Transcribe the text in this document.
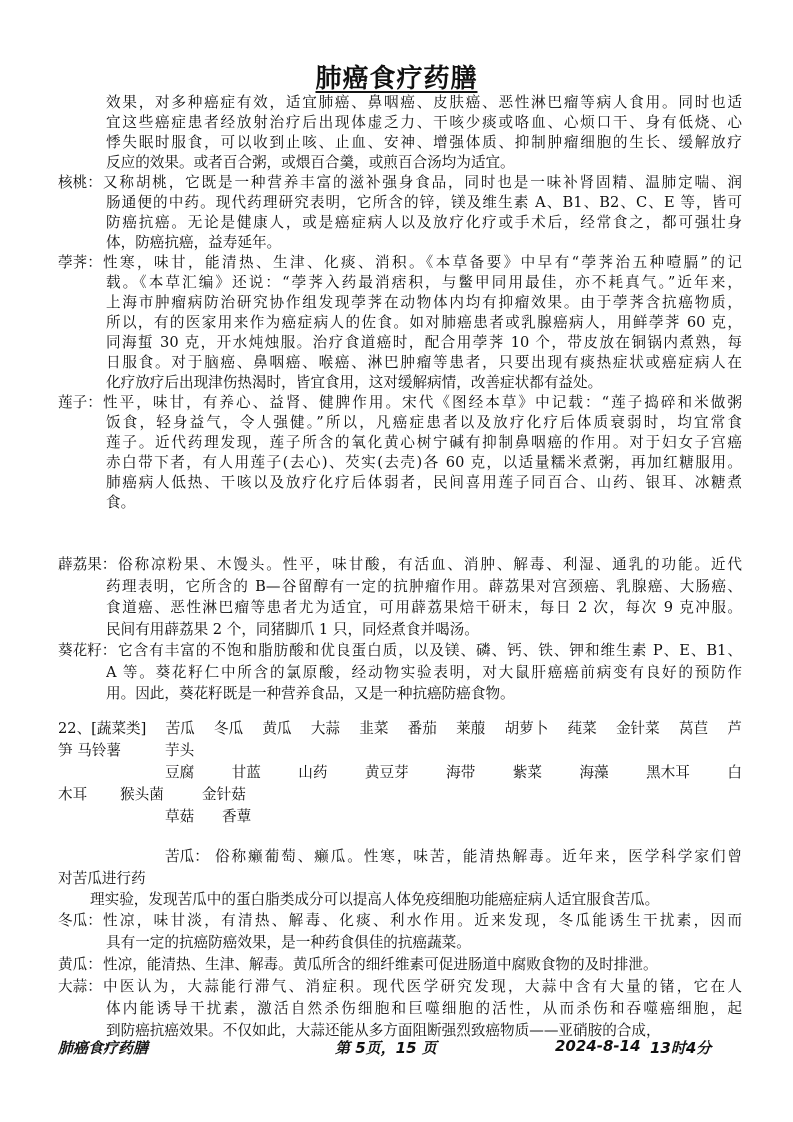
肺癌食疗药膳
效果，对多种癌症有效，适宜肺癌、鼻咽癌、皮肤癌、恶性淋巴瘤等病人食用。同时也适
宜这些癌症患者经放射治疗后出现体虚乏力、干咳少痰或咯血、心烦口干、身有低烧、心
悸失眠时服食，可以收到止咳、止血、安神、增强体质、抑制肿瘤细胞的生长、缓解放疗
反应的效果。或者百合粥，或煨百合羹，或煎百合汤均为适宜。
核桃： 又称胡桃，它既是一种营养丰富的滋补强身食品，同时也是一味补肾固精、温肺定喘、润
肠通便的中药。现代药理研究表明，它所含的锌，镁及维生素 A、B1、B2、C、E 等，皆可
防癌抗癌。无论是健康人，或是癌症病人以及放疗化疗或手术后，经常食之，都可强壮身
体，防癌抗癌，益寿延年。
荸荠： 性寒，味甘，能清热、生津、化痰、消积。《本草备要》中早有“荸荠治五种噎膈”的记
载。《本草汇编》还说：“荸荠入药最消痞积，与鳖甲同用最佳，亦不耗真气。”近年来，
上海市肿瘤病防治研究协作组发现荸荠在动物体内均有抑瘤效果。由于荸荠含抗癌物质，
所以，有的医家用来作为癌症病人的佐食。如对肺癌患者或乳腺癌病人，用鲜荸荠 60 克，
同海蜇 30 克，开水炖烛服。治疗食道癌时，配合用荸荠 10 个，带皮放在铜锅内煮熟，每
日服食。对于脑癌、鼻咽癌、喉癌、淋巴肿瘤等患者，只要出现有痰热症状或癌症病人在
化疗放疗后出现津伤热渴时，皆宜食用，这对缓解病情，改善症状都有益处。
莲子： 性平，味甘，有养心、益肾、健脾作用。宋代《图经本草》中记载：“莲子捣碎和米做粥
饭食，轻身益气，令人强健。”所以，凡癌症患者以及放疗化疗后体质衰弱时，均宜常食
莲子。近代药理发现，莲子所含的氧化黄心树宁碱有抑制鼻咽癌的作用。对于妇女子宫癌
赤白带下者，有人用莲子(去心)、芡实(去壳)各 60 克，以适量糯米煮粥，再加红糖服用。
肺癌病人低热、干咳以及放疗化疗后体弱者，民间喜用莲子同百合、山药、银耳、冰糖煮
食。
薜荔果： 俗称凉粉果、木馒头。性平，味甘酸，有活血、消肿、解毒、利湿、通乳的功能。近代
药理表明，它所含的 B—谷留醇有一定的抗肿瘤作用。薜荔果对宫颈癌、乳腺癌、大肠癌、
食道癌、恶性淋巴瘤等患者尤为适宜，可用薜荔果焙干研末，每日 2 次，每次 9 克冲服。
民间有用薜荔果 2 个，同猪脚爪 1 只，同烃煮食并喝汤。
葵花籽： 它含有丰富的不饱和脂肪酸和优良蛋白质，以及镁、磷、钙、铁、钾和维生素 P、E、B1、
A 等。葵花籽仁中所含的氯原酸，经动物实验表明，对大鼠肝癌癌前病变有良好的预防作
用。因此，葵花籽既是一种营养食品，又是一种抗癌防癌食物。
22、[蔬菜类] 苦瓜 冬瓜 黄瓜 大蒜 韭菜 番茄 莱菔 胡萝卜 莼菜 金针菜 莴苣 芦
笋 马铃薯	芋头
豆腐	甘蓝	山药	黄豆芽	海带	紫菜	海藻	黑木耳	白
木耳 猴头菌	金针菇
草菇 香蕈
苦瓜： 俗称癞葡萄、癞瓜。性寒，味苦，能清热解毒。近年来，医学科学家们曾
对苦瓜进行药
理实验，发现苦瓜中的蛋白脂类成分可以提高人体免疫细胞功能癌症病人适宜服食苦瓜。
冬瓜： 性凉，味甘淡，有清热、解毒、化痰、利水作用。近来发现，冬瓜能诱生干扰素，因而
具有一定的抗癌防癌效果，是一种药食俱佳的抗癌蔬菜。
黄瓜： 性凉，能清热、生津、解毒。黄瓜所含的细纤维素可促进肠道中腐败食物的及时排泄。
大蒜： 中医认为，大蒜能行滞气、消症积。现代医学研究发现，大蒜中含有大量的锗，它在人
体内能诱导干扰素，激活自然杀伤细胞和巨噬细胞的活性，从而杀伤和吞噬癌细胞，起
到防癌抗癌效果。不仅如此，大蒜还能从多方面阻断强烈致癌物质——亚硝胺的合成，
肺癌食疗药膳	第 5页，15 页	2024-8-14 13时4分
